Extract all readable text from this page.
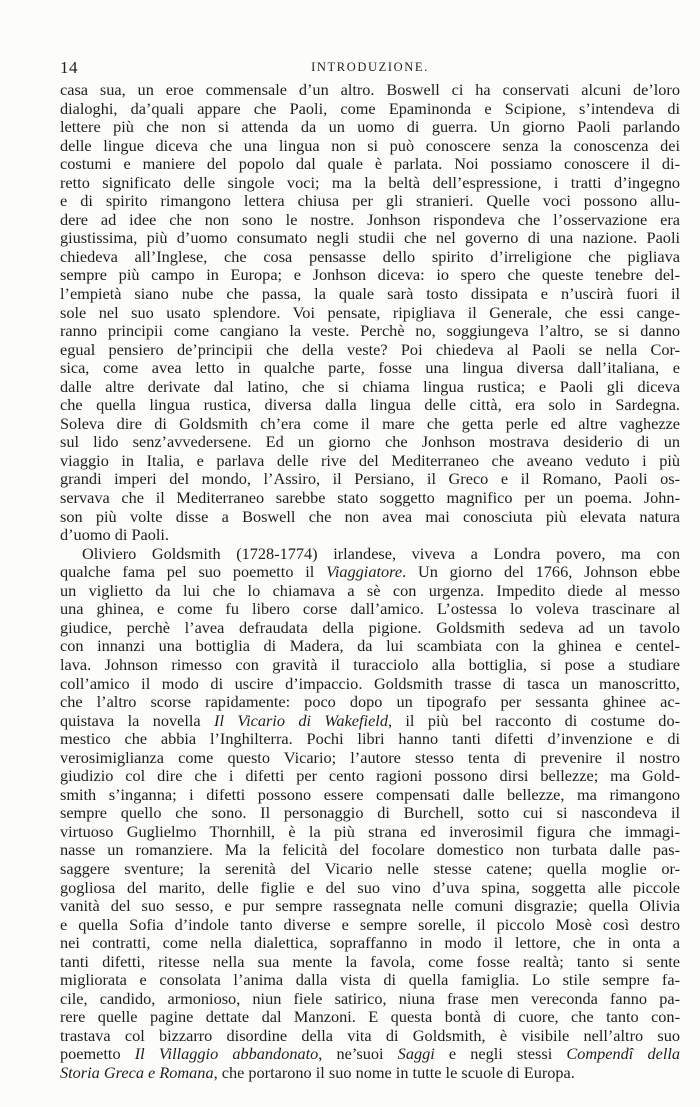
14	INTRODUZIONE.
casa sua, un eroe commensale d’un altro. Boswell ci ha conservati alcuni de’loro
dialoghi, da’quali appare che Paoli, come Epaminonda e Scipione, s’intendeva di
lettere più che non si attenda da un uomo di guerra. Un giorno Paoli parlando
delle lingue diceva che una lingua non si può conoscere senza la conoscenza dei
costumi e maniere del popolo dal quale è parlata. Noi possiamo conoscere il di-
retto significato delle singole voci; ma la beltà dell’espressione, i tratti d’ingegno
e di spirito rimangono lettera chiusa per gli stranieri. Quelle voci possono allu-
dere ad idee che non sono le nostre. Jonhson rispondeva che l’osservazione era
giustissima, più d’uomo consumato negli studii che nel governo di una nazione. Paoli
chiedeva all’Inglese, che cosa pensasse dello spirito d’irreligione che pigliava
sempre più campo in Europa; e Jonhson diceva: io spero che queste tenebre del-
l’empietà siano nube che passa, la quale sarà tosto dissipata e n’uscirà fuori il
sole nel suo usato splendore. Voi pensate, ripigliava il Generale, che essi cange-
ranno principii come cangiano la veste. Perchè no, soggiungeva l’altro, se si danno
egual pensiero de’principii che della veste? Poi chiedeva al Paoli se nella Cor-
sica, come avea letto in qualche parte, fosse una lingua diversa dall’italiana, e
dalle altre derivate dal latino, che si chiama lingua rustica; e Paoli gli diceva
che quella lingua rustica, diversa dalla lingua delle città, era solo in Sardegna.
Soleva dire di Goldsmith ch’era come il mare che getta perle ed altre vaghezze
sul lido senz’avvedersene. Ed un giorno che Jonhson mostrava desiderio di un
viaggio in Italia, e parlava delle rive del Mediterraneo che aveano veduto i più
grandi imperi del mondo, l’Assiro, il Persiano, il Greco e il Romano, Paoli os-
servava che il Mediterraneo sarebbe stato soggetto magnifico per un poema. John-
son più volte disse a Boswell che non avea mai conosciuta più elevata natura
d’uomo di Paoli.
Oliviero Goldsmith (1728-1774) irlandese, viveva a Londra povero, ma con
qualche fama pel suo poemetto il Viaggiatore. Un giorno del 1766, Johnson ebbe
un viglietto da lui che lo chiamava a sè con urgenza. Impedito diede al messo
una ghinea, e come fu libero corse dall’amico. L’ostessa lo voleva trascinare al
giudice, perchè l’avea defraudata della pigione. Goldsmith sedeva ad un tavolo
con innanzi una bottiglia di Madera, da lui scambiata con la ghinea e centel-
lava. Johnson rimesso con gravità il turacciolo alla bottiglia, si pose a studiare
coll’amico il modo di uscire d’impaccio. Goldsmith trasse di tasca un manoscritto,
che l’altro scorse rapidamente: poco dopo un tipografo per sessanta ghinee ac-
quistava la novella Il Vicario di Wakefield, il più bel racconto di costume do-
mestico che abbia l’Inghilterra. Pochi libri hanno tanti difetti d’invenzione e di
verosimiglianza come questo Vicario; l’autore stesso tenta di prevenire il nostro
giudizio col dire che i difetti per cento ragioni possono dirsi bellezze; ma Gold-
smith s’inganna; i difetti possono essere compensati dalle bellezze, ma rimangono
sempre quello che sono. Il personaggio di Burchell, sotto cui si nascondeva il
virtuoso Guglielmo Thornhill, è la più strana ed inverosimil figura che immagi-
nasse un romanziere. Ma la felicità del focolare domestico non turbata dalle pas-
saggere sventure; la serenità del Vicario nelle stesse catene; quella moglie or-
gogliosa del marito, delle figlie e del suo vino d’uva spina, soggetta alle piccole
vanità del suo sesso, e pur sempre rassegnata nelle comuni disgrazie; quella Olivia
e quella Sofia d’indole tanto diverse e sempre sorelle, il piccolo Mosè così destro
nei contratti, come nella dialettica, sopraffanno in modo il lettore, che in onta a
tanti difetti, ritesse nella sua mente la favola, come fosse realtà; tanto si sente
migliorata e consolata l’anima dalla vista di quella famiglia. Lo stile sempre fa-
cile, candido, armonioso, niun fiele satirico, niuna frase men vereconda fanno pa-
rere quelle pagine dettate dal Manzoni. E questa bontà di cuore, che tanto con-
trastava col bizzarro disordine della vita di Goldsmith, è visibile nell’altro suo
poemetto Il Villaggio abbandonato, ne’suoi Saggi e negli stessi Compendî della
Storia Greca e Romana, che portarono il suo nome in tutte le scuole di Europa.
